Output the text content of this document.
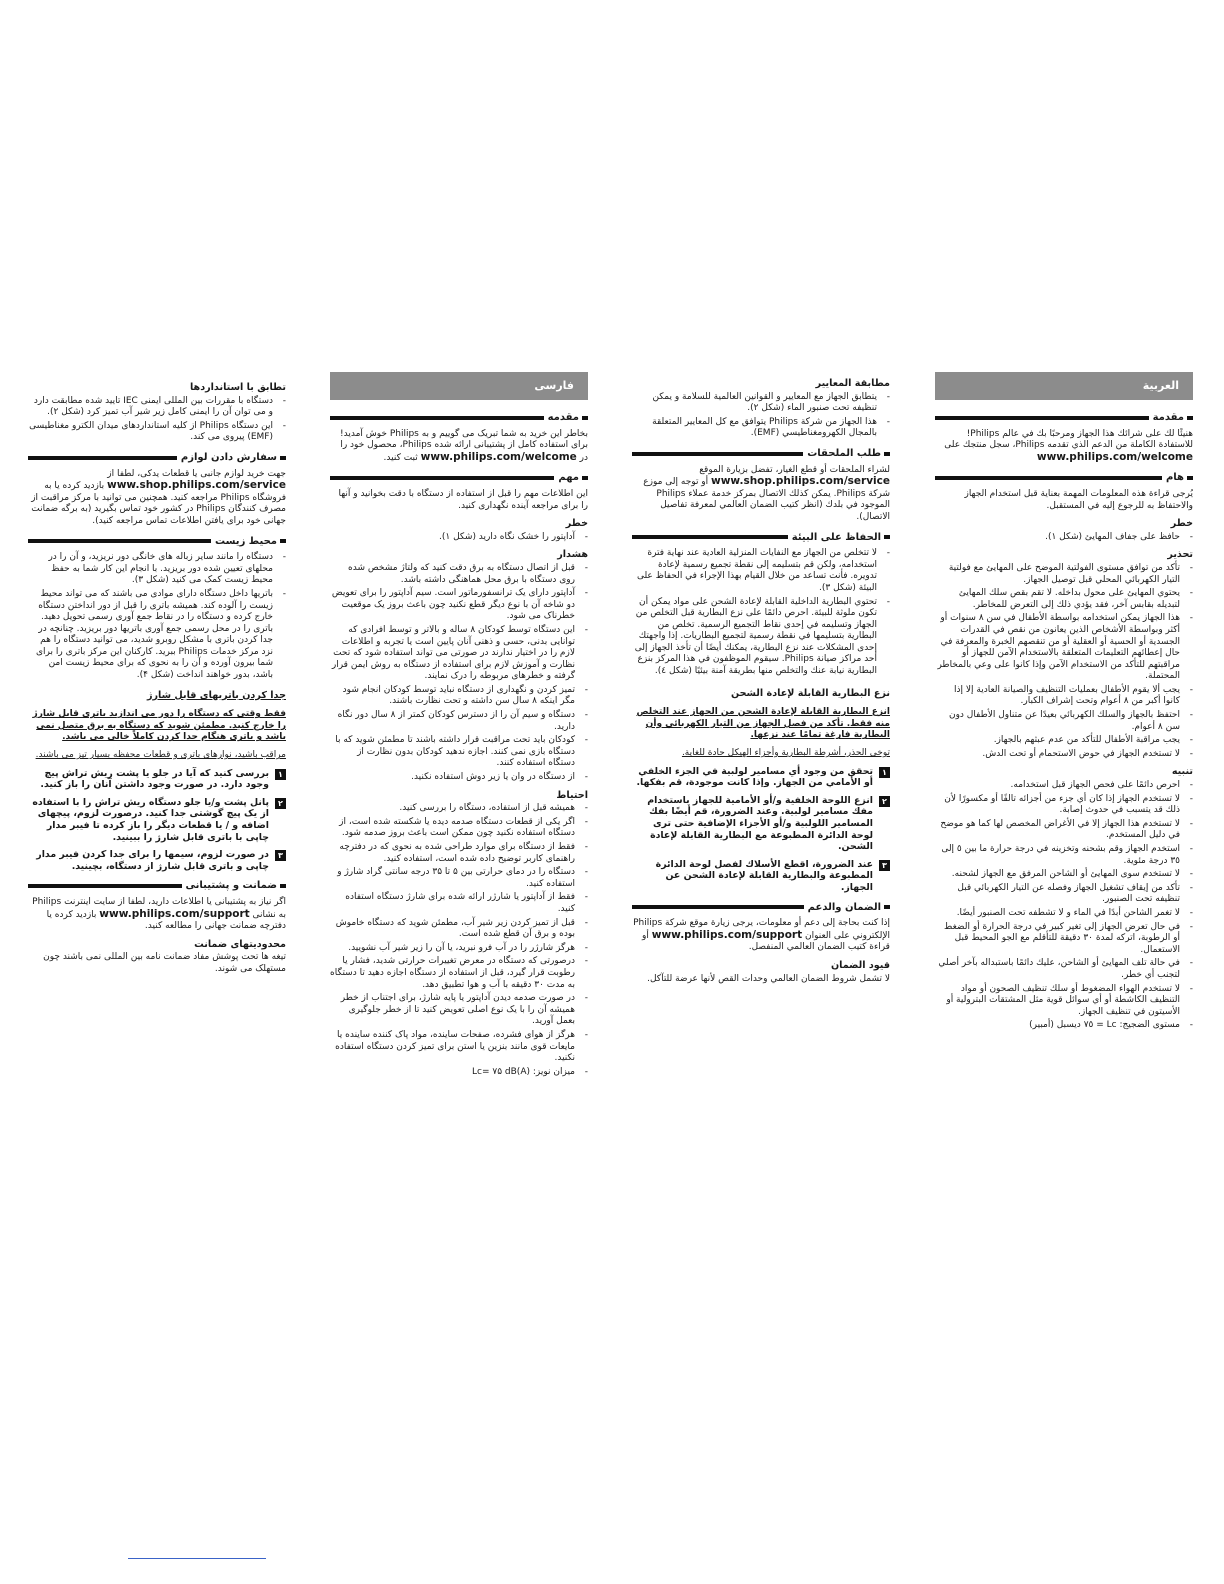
العربية
مقدمة

هنيئًا لك على شرائك هذا الجهاز ومرحبًا بك في عالم Philips! للاستفادة الكاملة من الدعم الذي تقدمه Philips، سجل منتجك على www.philips.com/welcome

هام

يُرجى قراءة هذه المعلومات المهمة بعناية قبل استخدام الجهاز والاحتفاظ به للرجوع إليه في المستقبل.

خطر
- حافظ على جفاف المهايئ (شكل ١).
تحذير
- تأكد من توافق مستوى الفولتية الموضح على المهايئ مع فولتية التيار الكهربائي المحلي قبل توصيل الجهاز.
- يحتوي المهايئ على محول بداخله. لا تقم بقص سلك المهايئ لتبديله بقابس آخر، فقد يؤدي ذلك إلى التعرض للمخاطر.
- هذا الجهاز يمكن استخدامه بواسطة الأطفال في سن ٨ سنوات أو أكثر وبواسطة الأشخاص الذين يعانون من نقص في القدرات الجسدية أو الحسية أو العقلية أو من تنقصهم الخبرة والمعرفة في حال إعطائهم التعليمات المتعلقة بالاستخدام الآمن للجهاز أو مراقبتهم للتأكد من الاستخدام الآمن وإذا كانوا على وعي بالمخاطر المحتملة.
- يجب ألا يقوم الأطفال بعمليات التنظيف والصيانة العادية إلا إذا كانوا أكبر من ٨ أعوام وتحت إشراف الكبار.
- احتفظ بالجهاز والسلك الكهربائي بعيدًا عن متناول الأطفال دون سن ٨ أعوام.
- يجب مراقبة الأطفال للتأكد من عدم عبثهم بالجهاز.
- لا تستخدم الجهاز في حوض الاستحمام أو تحت الدش.
تنبيه
- احرص دائمًا على فحص الجهاز قبل استخدامه.
- لا تستخدم الجهاز إذا كان أي جزء من أجزائه تالفًا أو مكسورًا لأن ذلك قد يتسبب في حدوث إصابة.
- لا تستخدم هذا الجهاز إلا في الأغراض المخصص لها كما هو موضح في دليل المستخدم.
- استخدم الجهاز وقم بشحنه وتخزينه في درجة حرارة ما بين ٥ إلى ٣٥ درجة مئوية.
- لا تستخدم سوى المهايئ أو الشاحن المرفق مع الجهاز لشحنه.
- تأكد من إيقاف تشغيل الجهاز وفصله عن التيار الكهربائي قبل تنظيفه تحت الصنبور.
- لا تغمر الشاحن أبدًا في الماء و لا تشطفه تحت الصنبور أيضًا.
- في حال تعرض الجهاز إلى تغير كبير في درجة الحرارة أو الضغط أو الرطوبة، اتركه لمدة ٣٠ دقيقة للتأقلم مع الجو المحيط قبل الاستعمال.
- في حالة تلف المهايئ أو الشاحن، عليك دائمًا باستبداله بآخر أصلي لتجنب أي خطر.
- لا تستخدم الهواء المضغوط أو سلك تنظيف الصحون أو مواد التنظيف الكاشطة أو أي سوائل قوية مثل المشتقات البترولية أو الأسيتون في تنظيف الجهاز.
- مستوى الضجيج: Lc = ٧٥ ديسبل (أمبير)
مطابقة المعايير
- يتطابق الجهاز مع المعايير و القوانين العالمية للسلامة و يمكن تنظيفه تحت صنبور الماء (شكل ٢).
- هذا الجهاز من شركة Philips يتوافق مع كل المعايير المتعلقة بالمجال الكهرومغناطيسي (EMF).
طلب الملحقات

لشراء الملحقات أو قطع الغيار، تفضل بزيارة الموقع www.shop.philips.com/service أو توجه إلى موزع شركة Philips. يمكن كذلك الاتصال بمركز خدمة عملاء Philips الموجود في بلدك (انظر كتيب الضمان العالمي لمعرفة تفاصيل الاتصال).

الحفاظ على البيئة
- لا تتخلص من الجهاز مع النفايات المنزلية العادية عند نهاية فترة استخدامه، ولكن قم بتسليمه إلى نقطة تجميع رسمية لإعادة تدويره. فأنت تساعد من خلال القيام بهذا الإجراء في الحفاظ على البيئة (شكل ٣).
- تحتوي البطارية الداخلية القابلة لإعادة الشحن على مواد يمكن أن تكون ملوثة للبيئة. احرص دائمًا على نزع البطارية قبل التخلص من الجهاز وتسليمه في إحدى نقاط التجميع الرسمية. تخلص من البطارية بتسليمها في نقطة رسمية لتجميع البطاريات. إذا واجهتك إحدى المشكلات عند نزع البطارية، يمكنك أيضًا أن تأخذ الجهاز إلى أحد مراكز صيانة Philips. سيقوم الموظفون في هذا المركز بنزع البطارية نيابة عنك والتخلص منها بطريقة آمنة بيئيًا (شكل ٤).
نزع البطارية القابلة لإعادة الشحن

انزع البطارية القابلة لإعادة الشحن من الجهاز عند التخلص منه فقط. تأكد من فصل الجهاز من التيار الكهربائي وأن البطارية فارغة تمامًا عند نزعها.

توخى الحذر، أشرطة البطارية وأجزاء الهيكل حادة للغاية.

١
تحقق من وجود أي مسامير لولبية في الجزء الخلفي أو الأمامي من الجهاز. وإذا كانت موجودة، قم بفكها.
٢
انزع اللوحة الخلفية و/أو الأمامية للجهاز باستخدام مفك مسامير لولبية. وعند الضرورة، قم أيضًا بفك المسامير اللولبية و/أو الأجزاء الإضافية حتى ترى لوحة الدائرة المطبوعة مع البطارية القابلة لإعادة الشحن.
٣
عند الضرورة، اقطع الأسلاك لفصل لوحة الدائرة المطبوعة والبطارية القابلة لإعادة الشحن عن الجهاز.
الضمان والدعم

إذا كنت بحاجة إلى دعم أو معلومات، يرجى زيارة موقع شركة Philips الإلكتروني على العنوان www.philips.com/support أو قراءة كتيب الضمان العالمي المنفصل.

قيود الضمان

لا تشمل شروط الضمان العالمي وحدات القص لأنها عرضة للتآكل.

فارسی
مقدمه

بخاطر این خرید به شما تبریک می گوییم و به Philips خوش آمدید! برای استفاده کامل از پشتیبانی ارائه شده Philips، محصول خود را در www.philips.com/welcome ثبت کنید.

مهم

این اطلاعات مهم را قبل از استفاده از دستگاه با دقت بخوانید و آنها را برای مراجعه آینده نگهداری کنید.

خطر
- آداپتور را خشک نگاه دارید (شکل ۱).
هشدار
- قبل از اتصال دستگاه به برق دقت کنید که ولتاژ مشخص شده روی دستگاه با برق محل هماهنگی داشته باشد.
- آداپتور دارای یک ترانسفورماتور است. سیم آداپتور را برای تعویض دو شاخه آن با نوع دیگر قطع نکنید چون باعث بروز یک موقعیت خطرناک می شود.
- این دستگاه توسط کودکان ۸ ساله و بالاتر و توسط افرادی که توانایی بدنی، حسی و ذهنی آنان پایین است یا تجربه و اطلاعات لازم را در اختیار ندارند در صورتی می تواند استفاده شود که تحت نظارت و آموزش لازم برای استفاده از دستگاه به روش ایمن قرار گرفته و خطرهای مربوطه را درک نمایند.
- تمیز کردن و نگهداری از دستگاه نباید توسط کودکان انجام شود مگر اینکه ۸ سال سن داشته و تحت نظارت باشند.
- دستگاه و سیم آن را از دسترس کودکان کمتر از ۸ سال دور نگاه دارید.
- کودکان باید تحت مراقبت قرار داشته باشند تا مطمئن شوید که با دستگاه بازی نمی کنند. اجازه ندهید کودکان بدون نظارت از دستگاه استفاده کنند.
- از دستگاه در وان یا زیر دوش استفاده نکنید.
احتیاط
- همیشه قبل از استفاده، دستگاه را بررسی کنید.
- اگر یکی از قطعات دستگاه صدمه دیده یا شکسته شده است، از دستگاه استفاده نکنید چون ممکن است باعث بروز صدمه شود.
- فقط از دستگاه برای موارد طراحی شده به نحوی که در دفترچه راهنمای کاربر توضیح داده شده است، استفاده کنید.
- دستگاه را در دمای حرارتی بین ۵ تا ۳۵ درجه سانتی گراد شارژ و استفاده کنید.
- فقط از آداپتور یا شارژر ارائه شده برای شارژ دستگاه استفاده کنید.
- قبل از تمیز کردن زیر شیر آب، مطمئن شوید که دستگاه خاموش بوده و برق آن قطع شده است.
- هرگز شارژر را در آب فرو نبرید، یا آن را زیر شیر آب نشویید.
- درصورتی که دستگاه در معرض تغییرات حرارتی شدید، فشار یا رطوبت قرار گیرد، قبل از استفاده از دستگاه اجازه دهید تا دستگاه به مدت ۳۰ دقیقه با آب و هوا تطبیق دهد.
- در صورت صدمه دیدن آداپتور یا پایه شارژ، برای اجتناب از خطر همیشه آن را با یک نوع اصلی تعویض کنید تا از خطر جلوگیری بعمل آورید.
- هرگز از هوای فشرده، صفحات ساینده، مواد پاک کننده ساینده یا مایعات قوی مانند بنزین یا استن برای تمیز کردن دستگاه استفاده نکنید.
- میزان نویز: Lc= ۷۵ dB(A)
تطابق با استانداردها
- دستگاه با مقررات بین المللی ایمنی IEC تایید شده مطابقت دارد و می توان آن را ایمنی کامل زیر شیر آب تمیز کرد (شکل ۲).
- این دستگاه Philips از کلیه استانداردهای میدان الکترو مغناطیسی (EMF) پیروی می کند.
سفارش دادن لوازم

جهت خرید لوازم جانبی یا قطعات یدکی، لطفا از www.shop.philips.com/service بازدید کرده یا به فروشگاه Philips مراجعه کنید. همچنین می توانید با مرکز مراقبت از مصرف کنندگان Philips در کشور خود تماس بگیرید (به برگه ضمانت جهانی خود برای یافتن اطلاعات تماس مراجعه کنید).

محیط زیست
- دستگاه را مانند سایر زباله های خانگی دور نریزید، و آن را در محلهای تعیین شده دور بریزید. با انجام این کار شما به حفظ محیط زیست کمک می کنید (شکل ۳).
- باتریها داخل دستگاه دارای موادی می باشند که می تواند محیط زیست را آلوده کند. همیشه باتری را قبل از دور انداختن دستگاه خارج کرده و دستگاه را در نقاط جمع آوری رسمی تحویل دهید. باتری را در محل رسمی جمع آوری باتریها دور بریزید. چنانچه در جدا کردن باتری با مشکل روبرو شدید، می توانید دستگاه را هم نزد مرکز خدمات Philips ببرید. کارکنان این مرکز باتری را برای شما بیرون آورده و آن را به نحوی که برای محیط زیست امن باشد، بدور خواهند انداخت (شکل ۴).
جدا کردن باتریهای قابل شارژ

فقط وقتی که دستگاه را دور می اندازید باتری قابل شارژ را خارج کنید. مطمئن شوید که دستگاه به برق متصل نمی باشد و باتری هنگام جدا کردن کاملاً خالی می باشد.

مراقب باشید، نوارهای باتری و قطعات محفظه بسیار تیز می باشند.

۱
بررسی کنید که آیا در جلو یا پشت ریش تراش پیچ وجود دارد. در صورت وجود داشتن آنان را باز کنید.
۲
پانل پشت و/یا جلو دستگاه ریش تراش را با استفاده از یک پیچ گوشتی جدا کنید. درصورت لزوم، پیچهای اضافه و / یا قطعات دیگر را باز کرده تا فیبر مدار چاپی با باتری قابل شارژ را ببینید.
۳
در صورت لزوم، سیمها را برای جدا کردن فیبر مدار چاپی و باتری قابل شارژ از دستگاه، بچینید.
ضمانت و پشتیبانی

اگر نیاز به پشتیبانی یا اطلاعات دارید، لطفا از سایت اینترنت Philips به نشانی www.philips.com/support بازدید کرده یا دفترچه ضمانت جهانی را مطالعه کنید.

محدودیتهای ضمانت

تیغه ها تحت پوشش مفاد ضمانت نامه بین المللی نمی باشند چون مستهلک می شوند.
